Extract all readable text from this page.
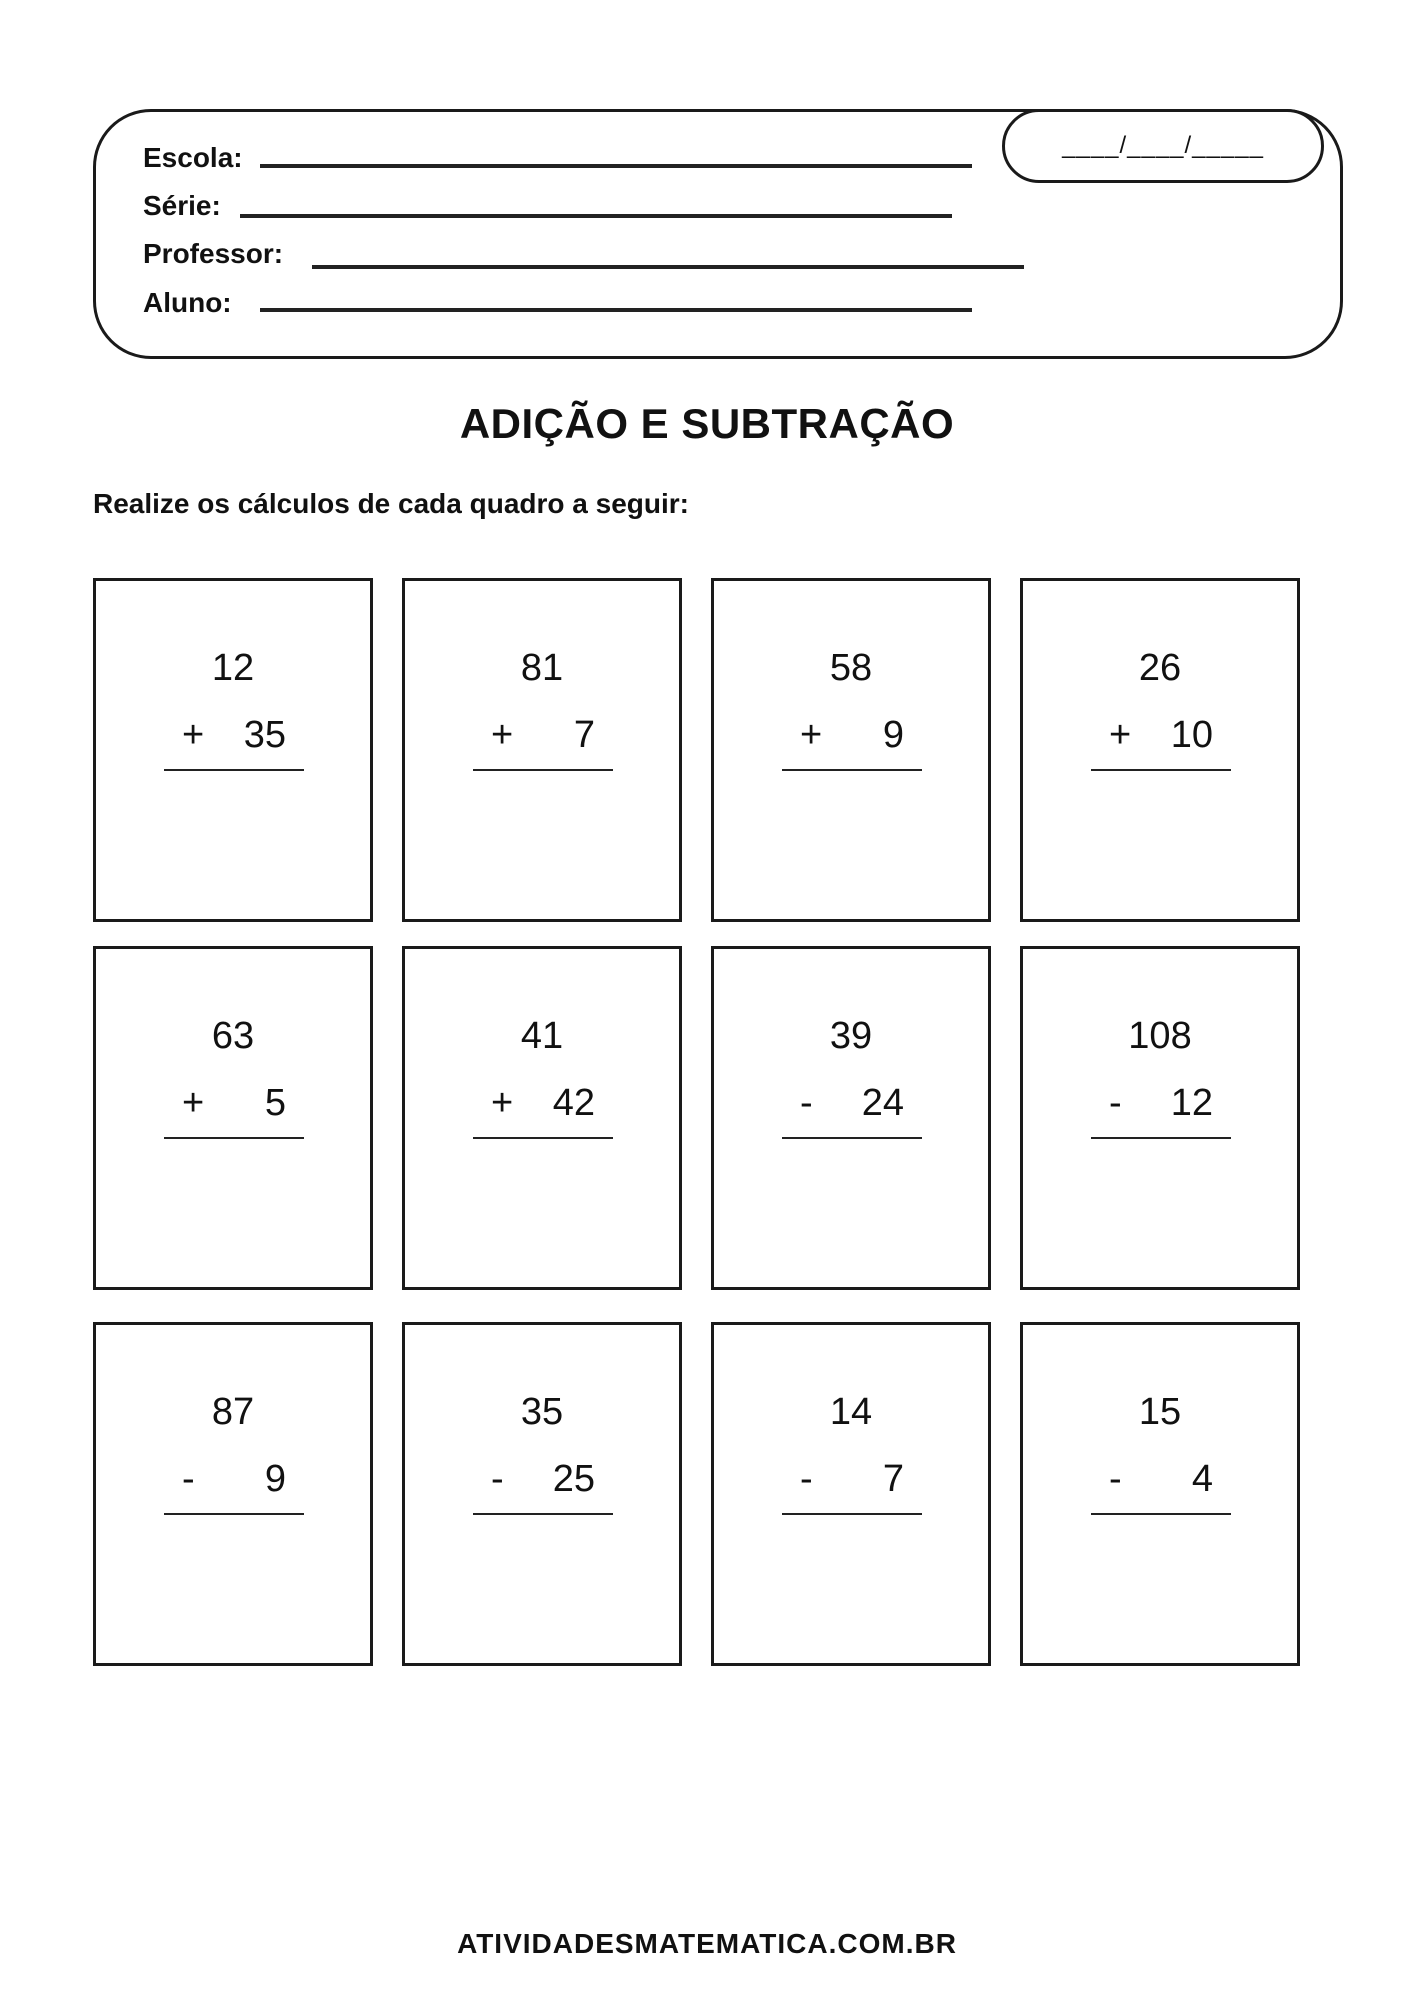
____/____/_____
Escola:
Série:
Professor:
Aluno:
ADIÇÃO E SUBTRAÇÃO
Realize os cálculos de cada quadro a seguir:
12
+ 35
81
+ 7
58
+ 9
26
+ 10
63
+ 5
41
+ 42
39
- 24
108
- 12
87
- 9
35
- 25
14
- 7
15
- 4
ATIVIDADESMATEMATICA.COM.BR
